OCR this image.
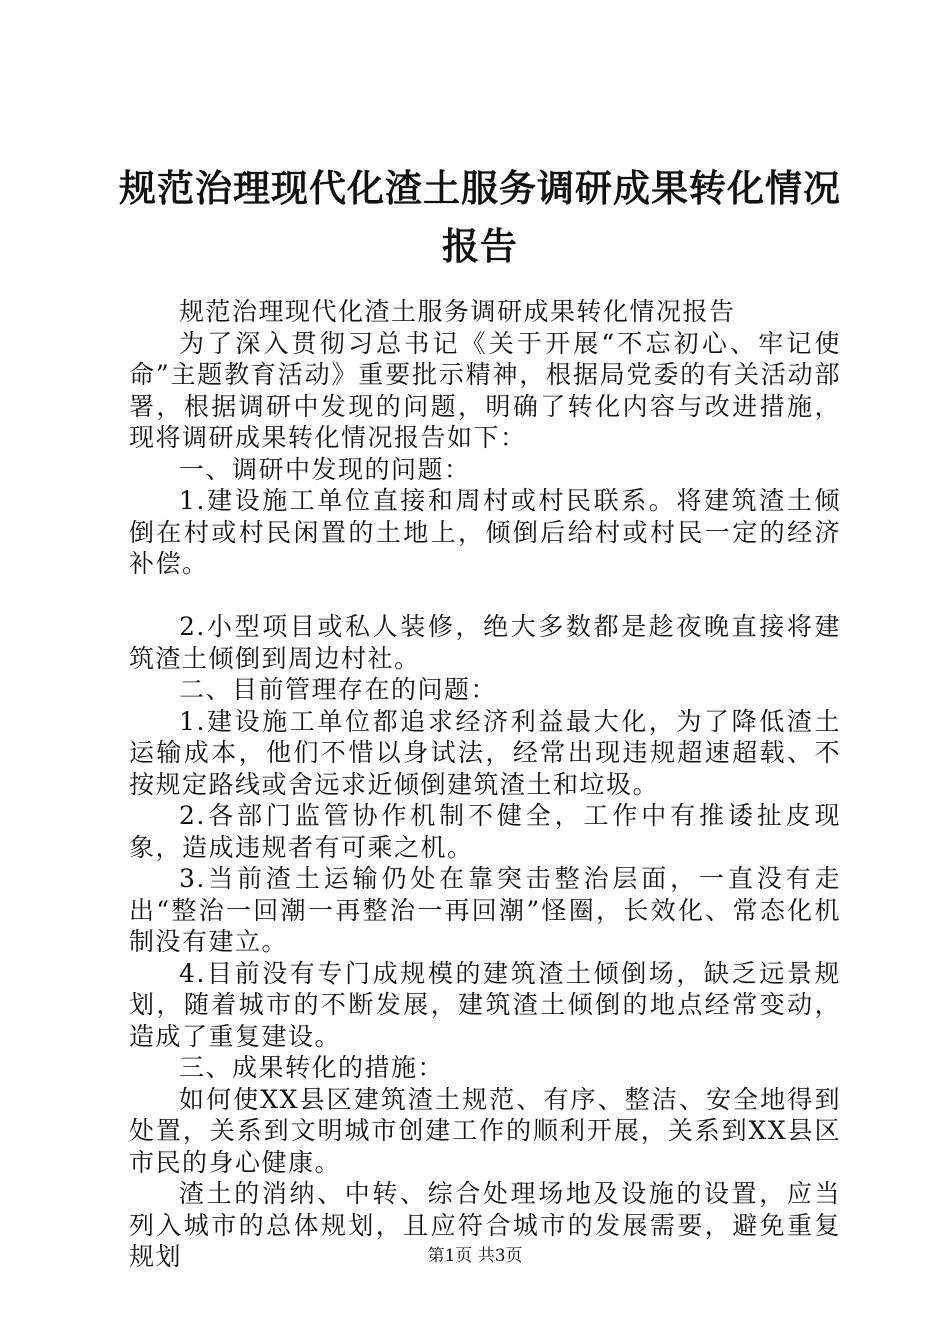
规范治理现代化渣土服务调研成果转化情况报告

规范治理现代化渣土服务调研成果转化情况报告

为了深入贯彻习总书记《关于开展“不忘初心、牢记使命”主题教育活动》重要批示精神，根据局党委的有关活动部署，根据调研中发现的问题，明确了转化内容与改进措施，现将调研成果转化情况报告如下：

一、调研中发现的问题：

1.建设施工单位直接和周村或村民联系。将建筑渣土倾倒在村或村民闲置的土地上，倾倒后给村或村民一定的经济补偿。

2.小型项目或私人装修，绝大多数都是趁夜晚直接将建筑渣土倾倒到周边村社。

二、目前管理存在的问题：

1.建设施工单位都追求经济利益最大化，为了降低渣土运输成本，他们不惜以身试法，经常出现违规超速超载、不按规定路线或舍远求近倾倒建筑渣土和垃圾。

2.各部门监管协作机制不健全，工作中有推诿扯皮现象，造成违规者有可乘之机。

3.当前渣土运输仍处在靠突击整治层面，一直没有走出“整治一回潮一再整治一再回潮”怪圈，长效化、常态化机制没有建立。

4.目前没有专门成规模的建筑渣土倾倒场，缺乏远景规划，随着城市的不断发展，建筑渣土倾倒的地点经常变动，造成了重复建设。

三、成果转化的措施：

如何使XX县区建筑渣土规范、有序、整洁、安全地得到处置，关系到文明城市创建工作的顺利开展，关系到XX县区市民的身心健康。

渣土的消纳、中转、综合处理场地及设施的设置，应当列入城市的总体规划，且应符合城市的发展需要，避免重复规划	第1页 共3页
